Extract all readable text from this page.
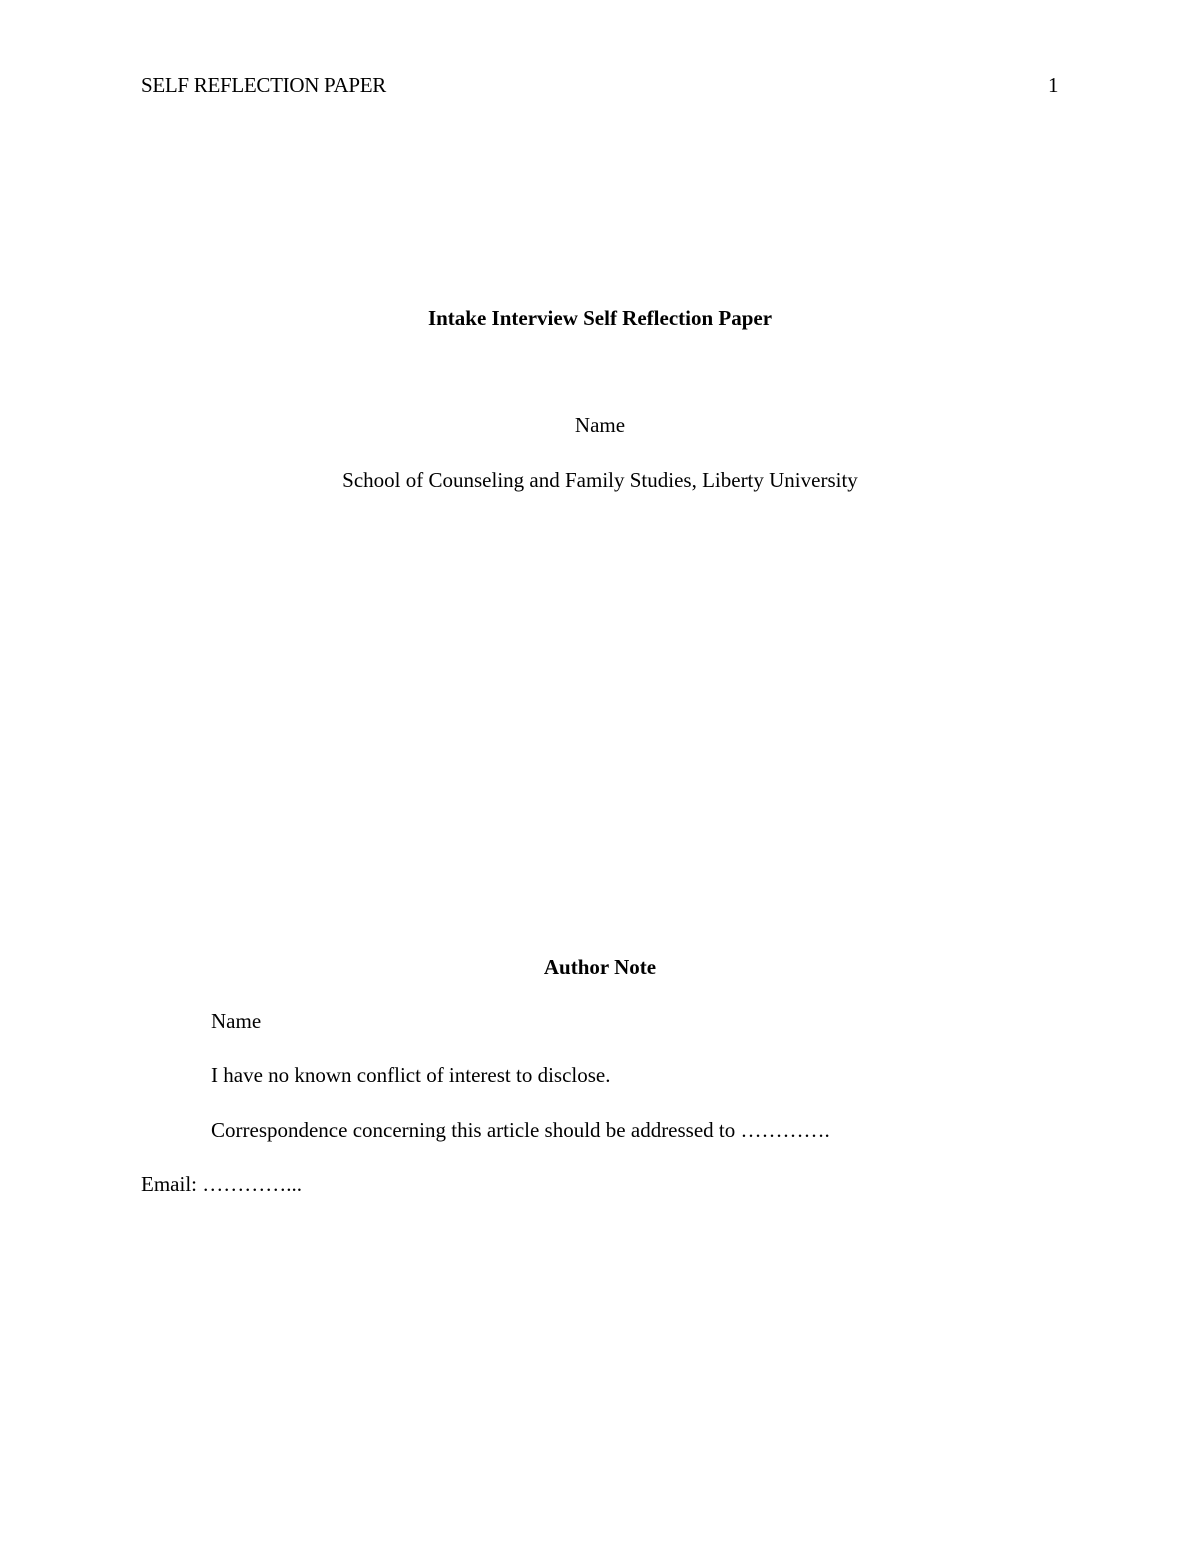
SELF REFLECTION PAPER	1
Intake Interview Self Reflection Paper
Name
School of Counseling and Family Studies, Liberty University
Author Note
Name
I have no known conflict of interest to disclose.
Correspondence concerning this article should be addressed to ………….
Email: …………...
